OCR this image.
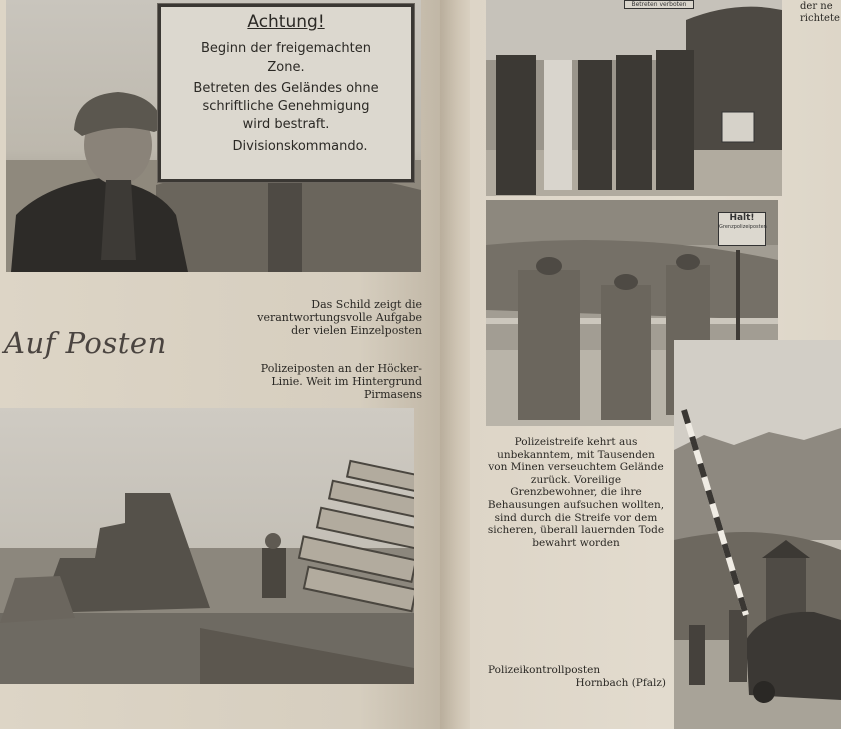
Achtung!
Beginn der freigemachten
Zone.
Betreten des Geländes ohne
schriftliche Genehmigung
wird bestraft.
Divisionskommando.
Das Schild zeigt die verantwortungsvolle Aufgabe der vielen Einzelposten
Polizeiposten an der Höcker-Linie. Weit im Hintergrund Pirmasens
Auf Posten
der ne
richtete
Betreten verboten
Halt!
Grenzpolizeiposten
Polizeistreife kehrt aus unbekanntem, mit Tausenden von Minen verseuchtem Gelände zurück. Voreilige Grenzbewohner, die ihre Behausungen aufsuchen wollten, sind durch die Streife vor dem sicheren, überall lauernden Tode bewahrt worden
Polizeikontrollposten
Hornbach (Pfalz)
